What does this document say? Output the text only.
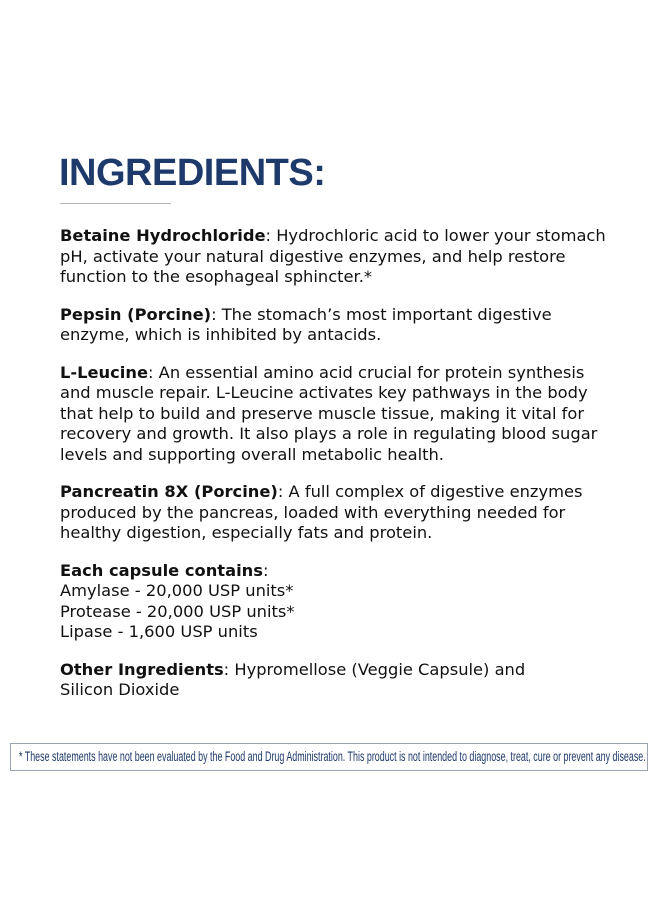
INGREDIENTS:

Betaine Hydrochloride: Hydrochloric acid to lower your stomach
pH, activate your natural digestive enzymes, and help restore
function to the esophageal sphincter.*

Pepsin (Porcine): The stomach’s most important digestive
enzyme, which is inhibited by antacids.

L-Leucine: An essential amino acid crucial for protein synthesis
and muscle repair. L-Leucine activates key pathways in the body
that help to build and preserve muscle tissue, making it vital for
recovery and growth. It also plays a role in regulating blood sugar
levels and supporting overall metabolic health.

Pancreatin 8X (Porcine): A full complex of digestive enzymes
produced by the pancreas, loaded with everything needed for
healthy digestion, especially fats and protein.

Each capsule contains:
Amylase - 20,000 USP units*
Protease - 20,000 USP units*
Lipase - 1,600 USP units

Other Ingredients: Hypromellose (Veggie Capsule) and
Silicon Dioxide

* These statements have not been evaluated by the Food and Drug Administration. This product is not intended to diagnose, treat, cure or prevent any disease.
